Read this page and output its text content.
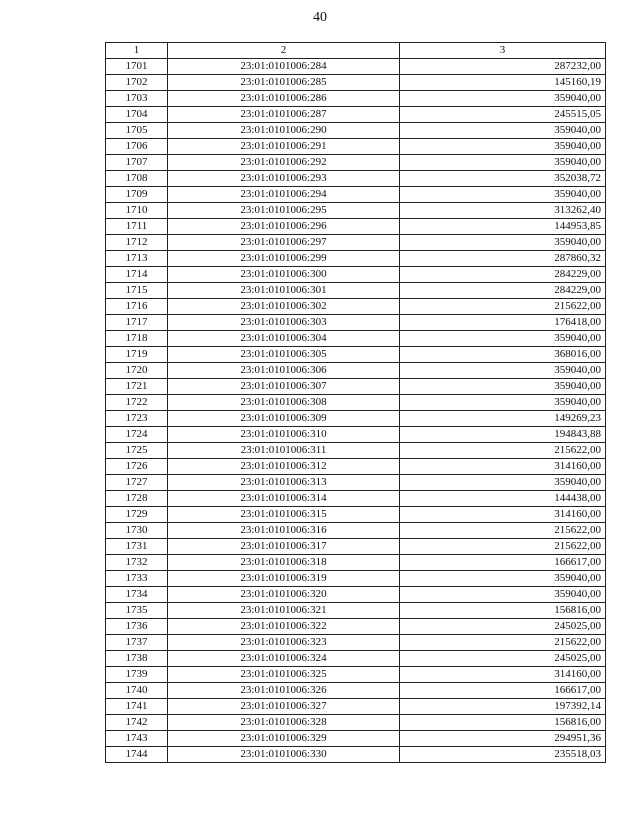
40
1	2	3
1701	23:01:0101006:284	287232,00
1702	23:01:0101006:285	145160,19
1703	23:01:0101006:286	359040,00
1704	23:01:0101006:287	245515,05
1705	23:01:0101006:290	359040,00
1706	23:01:0101006:291	359040,00
1707	23:01:0101006:292	359040,00
1708	23:01:0101006:293	352038,72
1709	23:01:0101006:294	359040,00
1710	23:01:0101006:295	313262,40
1711	23:01:0101006:296	144953,85
1712	23:01:0101006:297	359040,00
1713	23:01:0101006:299	287860,32
1714	23:01:0101006:300	284229,00
1715	23:01:0101006:301	284229,00
1716	23:01:0101006:302	215622,00
1717	23:01:0101006:303	176418,00
1718	23:01:0101006:304	359040,00
1719	23:01:0101006:305	368016,00
1720	23:01:0101006:306	359040,00
1721	23:01:0101006:307	359040,00
1722	23:01:0101006:308	359040,00
1723	23:01:0101006:309	149269,23
1724	23:01:0101006:310	194843,88
1725	23:01:0101006:311	215622,00
1726	23:01:0101006:312	314160,00
1727	23:01:0101006:313	359040,00
1728	23:01:0101006:314	144438,00
1729	23:01:0101006:315	314160,00
1730	23:01:0101006:316	215622,00
1731	23:01:0101006:317	215622,00
1732	23:01:0101006:318	166617,00
1733	23:01:0101006:319	359040,00
1734	23:01:0101006:320	359040,00
1735	23:01:0101006:321	156816,00
1736	23:01:0101006:322	245025,00
1737	23:01:0101006:323	215622,00
1738	23:01:0101006:324	245025,00
1739	23:01:0101006:325	314160,00
1740	23:01:0101006:326	166617,00
1741	23:01:0101006:327	197392,14
1742	23:01:0101006:328	156816,00
1743	23:01:0101006:329	294951,36
1744	23:01:0101006:330	235518,03
